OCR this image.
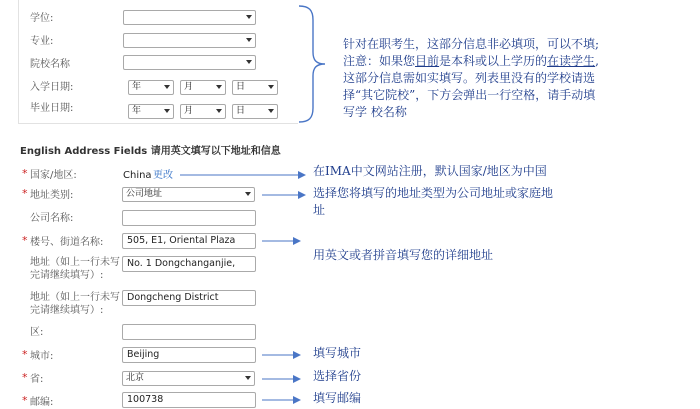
学位:
专业:
院校名称
入学日期:	年	月	日
毕业日期:	年	月	日
针对在职考生，这部分信息非必填项，可以不填;
注意：如果您目前是本科或以上学历的在读学生,
这部分信息需如实填写。列表里没有的学校请选
择“其它院校”，下方会弹出一行空格，请手动填
写学 校名称
English Address Fields 请用英文填写以下地址和信息
* 国家/地区:	China 更改
* 地址类别:	公司地址
公司名称:
* 楼号、街道名称:	505, E1, Oriental Plaza
地址（如上一行未写完请继续填写）:
No. 1 Dongchanganjie,
地址（如上一行未写完请继续填写）:
Dongcheng District
区:
* 城市:	Beijing
* 省:	北京
* 邮编:	100738
在IMA中文网站注册，默认国家/地区为中国
选择您将填写的地址类型为公司地址或家庭地
址
用英文或者拼音填写您的详细地址
填写城市
选择省份
填写邮编
